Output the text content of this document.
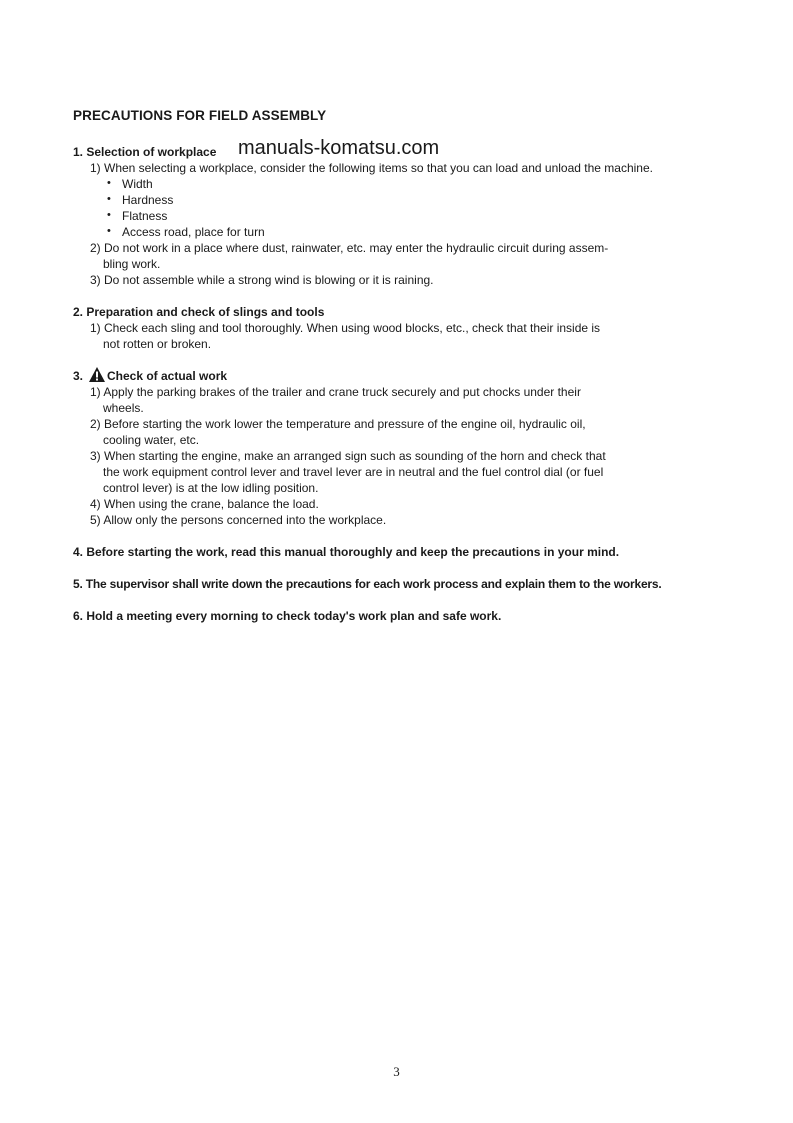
PRECAUTIONS FOR FIELD ASSEMBLY
1. Selection of workplace manuals-komatsu.com
1) When selecting a workplace, consider the following items so that you can load and unload the machine.
• Width
• Hardness
• Flatness
• Access road, place for turn
2) Do not work in a place where dust, rainwater, etc. may enter the hydraulic circuit during assem-
bling work.
3) Do not assemble while a strong wind is blowing or it is raining.
2. Preparation and check of slings and tools
1) Check each sling and tool thoroughly. When using wood blocks, etc., check that their inside is
not rotten or broken.
3. Check of actual work
1) Apply the parking brakes of the trailer and crane truck securely and put chocks under their
wheels.
2) Before starting the work lower the temperature and pressure of the engine oil, hydraulic oil,
cooling water, etc.
3) When starting the engine, make an arranged sign such as sounding of the horn and check that
the work equipment control lever and travel lever are in neutral and the fuel control dial (or fuel
control lever) is at the low idling position.
4) When using the crane, balance the load.
5) Allow only the persons concerned into the workplace.
4. Before starting the work, read this manual thoroughly and keep the precautions in your mind.
5. The supervisor shall write down the precautions for each work process and explain them to the workers.
6. Hold a meeting every morning to check today's work plan and safe work.
3
